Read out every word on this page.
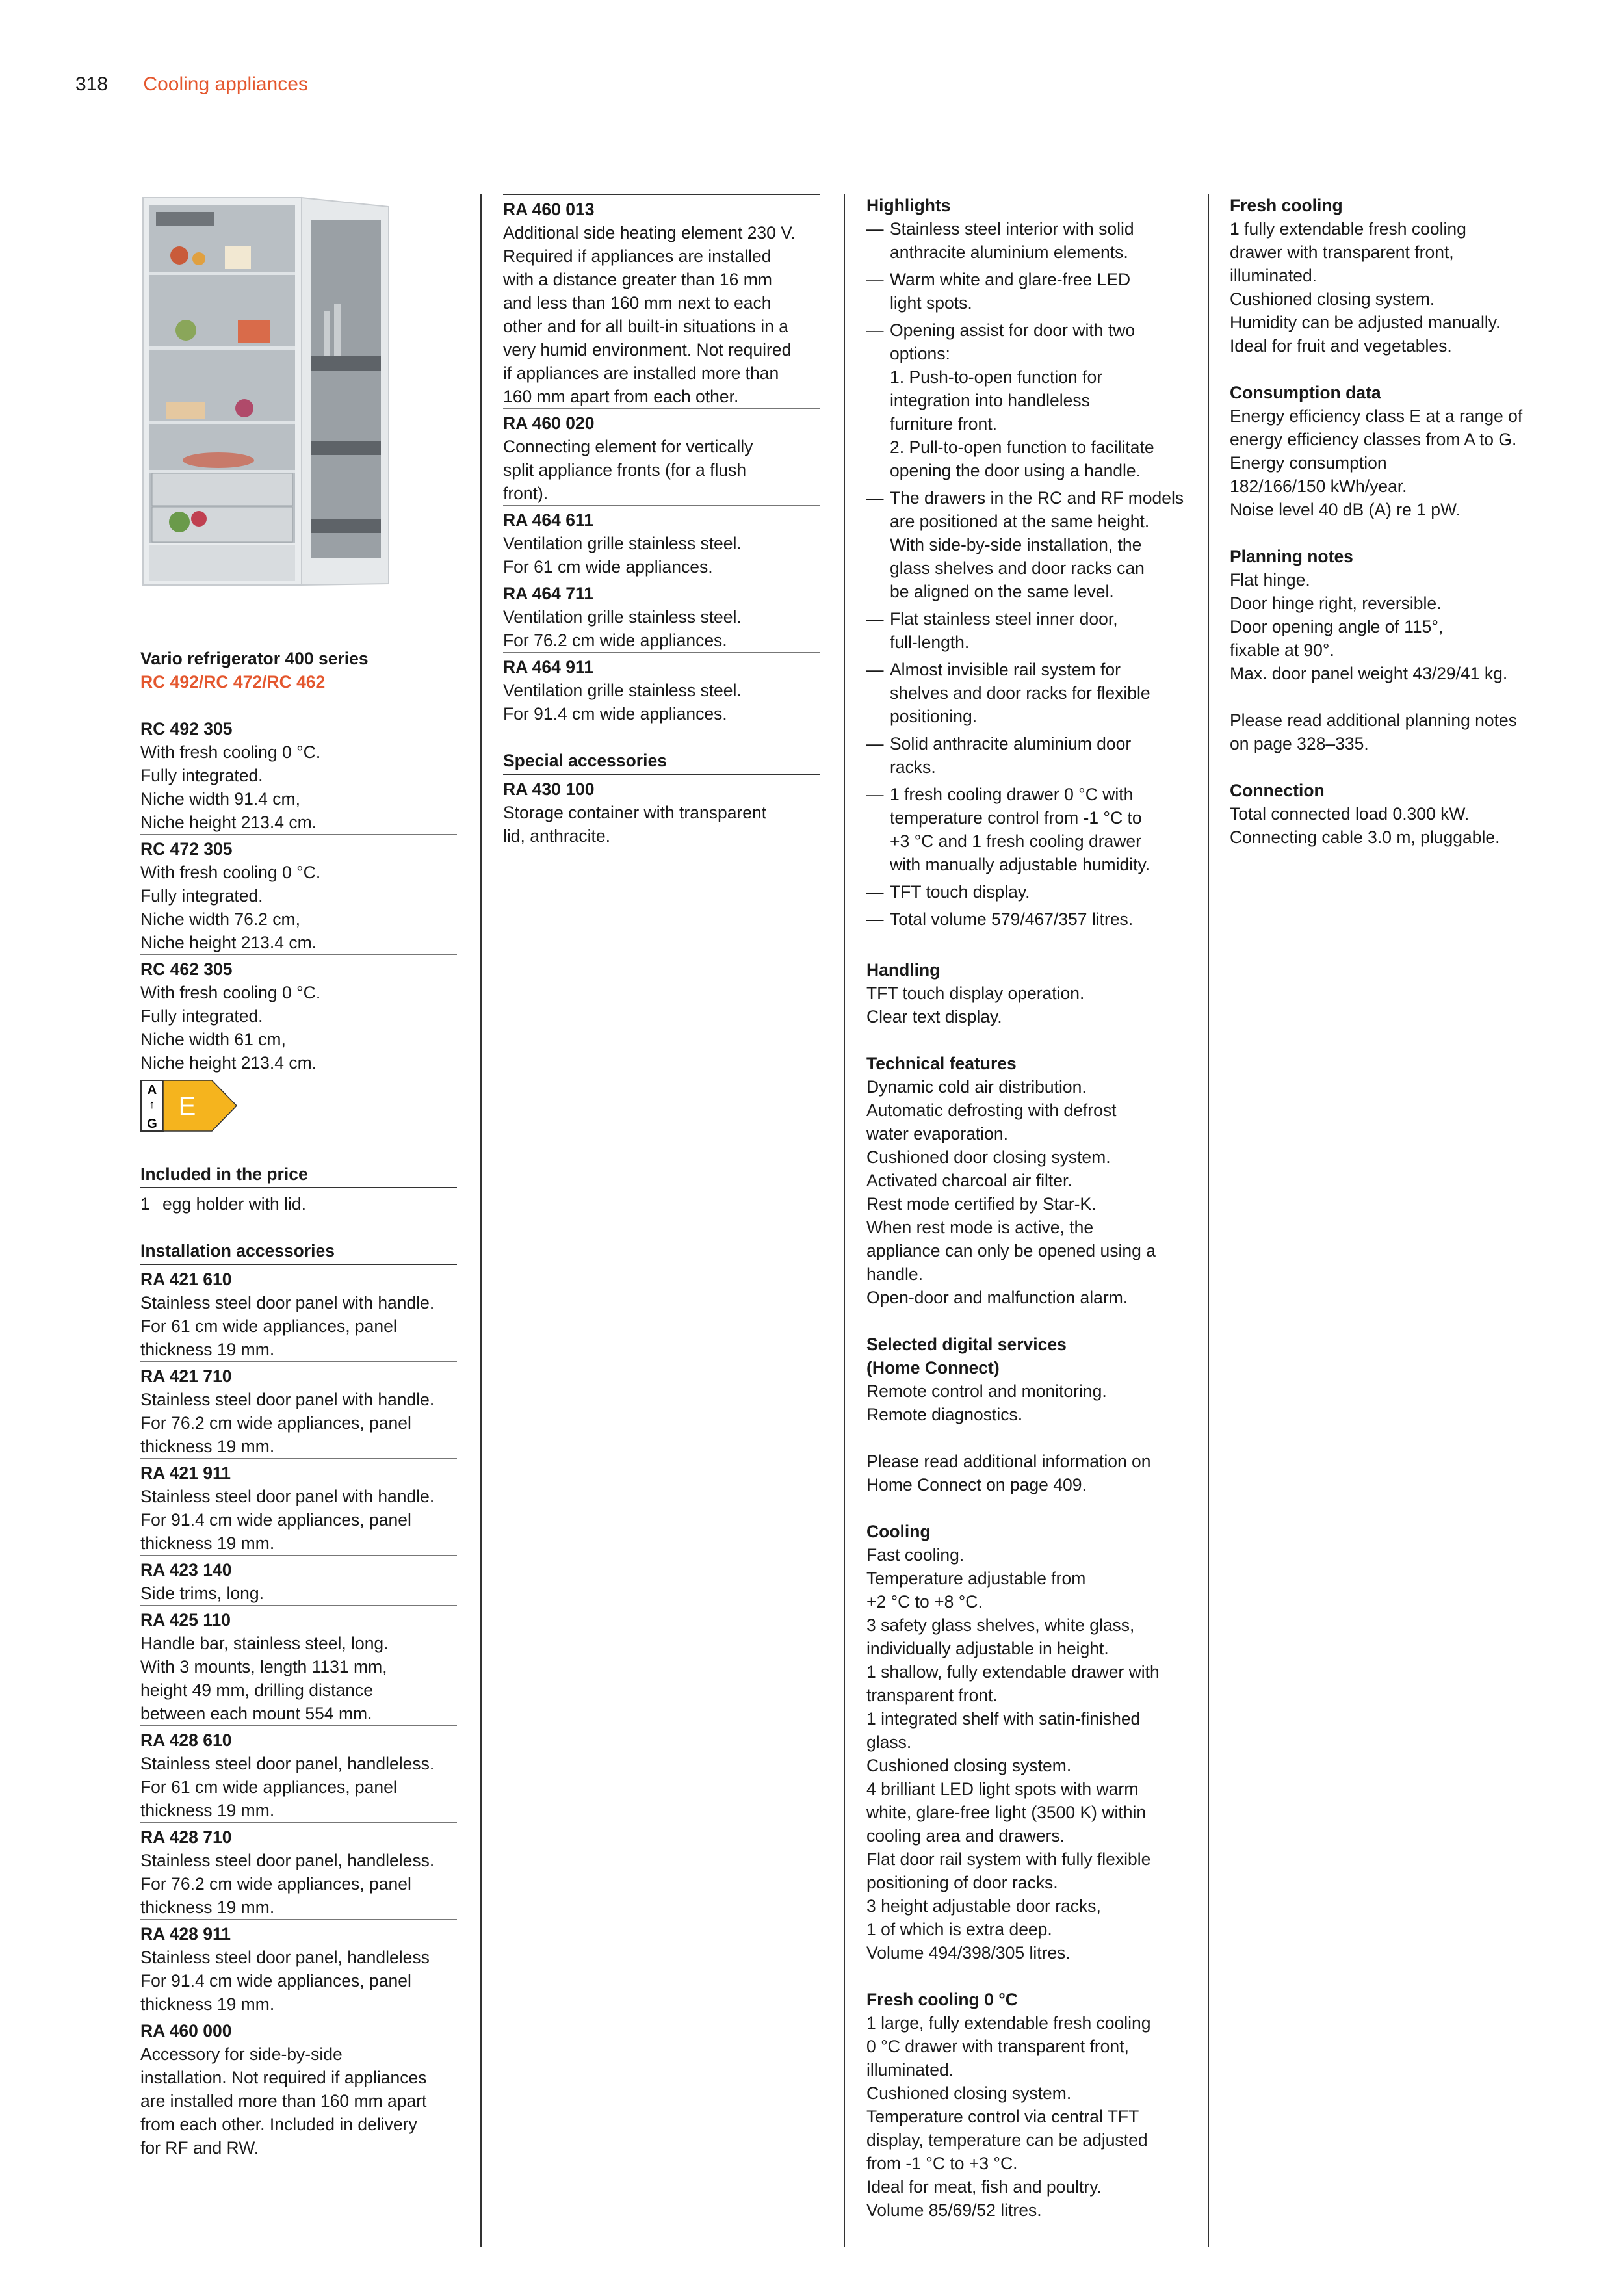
318 Cooling appliances
Vario refrigerator 400 series
RC 492/RC 472/RC 462
RC 492 305
With fresh cooling 0 °C.
Fully integrated.
Niche width 91.4 cm,
Niche height 213.4 cm.
RC 472 305
With fresh cooling 0 °C.
Fully integrated.
Niche width 76.2 cm,
Niche height 213.4 cm.
RC 462 305
With fresh cooling 0 °C.
Fully integrated.
Niche width 61 cm,
Niche height 213.4 cm.
A
↑
G
E
Included in the price
1 egg holder with lid.
Installation accessories
RA 421 610
Stainless steel door panel with handle.
For 61 cm wide appliances, panel
thickness 19 mm.
RA 421 710
Stainless steel door panel with handle.
For 76.2 cm wide appliances, panel
thickness 19 mm.
RA 421 911
Stainless steel door panel with handle.
For 91.4 cm wide appliances, panel
thickness 19 mm.
RA 423 140
Side trims, long.
RA 425 110
Handle bar, stainless steel, long.
With 3 mounts, length 1131 mm,
height 49 mm, drilling distance
between each mount 554 mm.
RA 428 610
Stainless steel door panel, handleless.
For 61 cm wide appliances, panel
thickness 19 mm.
RA 428 710
Stainless steel door panel, handleless.
For 76.2 cm wide appliances, panel
thickness 19 mm.
RA 428 911
Stainless steel door panel, handleless
For 91.4 cm wide appliances, panel
thickness 19 mm.
RA 460 000
Accessory for side-by-side
installation. Not required if appliances
are installed more than 160 mm apart
from each other. Included in delivery
for RF and RW.
RA 460 013
Additional side heating element 230 V.
Required if appliances are installed
with a distance greater than 16 mm
and less than 160 mm next to each
other and for all built-in situations in a
very humid environment. Not required
if appliances are installed more than
160 mm apart from each other.
RA 460 020
Connecting element for vertically
split appliance fronts (for a flush
front).
RA 464 611
Ventilation grille stainless steel.
For 61 cm wide appliances.
RA 464 711
Ventilation grille stainless steel.
For 76.2 cm wide appliances.
RA 464 911
Ventilation grille stainless steel.
For 91.4 cm wide appliances.
Special accessories
RA 430 100
Storage container with transparent
lid, anthracite.
Highlights
— Stainless steel interior with solid
anthracite aluminium elements.
— Warm white and glare-free LED
light spots.
— Opening assist for door with two
options:
1. Push-to-open function for
integration into handleless
furniture front.
2. Pull-to-open function to facilitate
opening the door using a handle.
— The drawers in the RC and RF models
are positioned at the same height.
With side-by-side installation, the
glass shelves and door racks can
be aligned on the same level.
— Flat stainless steel inner door,
full-length.
— Almost invisible rail system for
shelves and door racks for flexible
positioning.
— Solid anthracite aluminium door
racks.
— 1 fresh cooling drawer 0 °C with
temperature control from -1 °C to
+3 °C and 1 fresh cooling drawer
with manually adjustable humidity.
— TFT touch display.
— Total volume 579/467/357 litres.
Handling
TFT touch display operation.
Clear text display.
Technical features
Dynamic cold air distribution.
Automatic defrosting with defrost
water evaporation.
Cushioned door closing system.
Activated charcoal air filter.
Rest mode certified by Star-K.
When rest mode is active, the
appliance can only be opened using a
handle.
Open-door and malfunction alarm.
Selected digital services
(Home Connect)
Remote control and monitoring.
Remote diagnostics.
Please read additional information on
Home Connect on page 409.
Cooling
Fast cooling.
Temperature adjustable from
+2 °C to +8 °C.
3 safety glass shelves, white glass,
individually adjustable in height.
1 shallow, fully extendable drawer with
transparent front.
1 integrated shelf with satin-finished
glass.
Cushioned closing system.
4 brilliant LED light spots with warm
white, glare-free light (3500 K) within
cooling area and drawers.
Flat door rail system with fully flexible
positioning of door racks.
3 height adjustable door racks,
1 of which is extra deep.
Volume 494/398/305 litres.
Fresh cooling 0 °C
1 large, fully extendable fresh cooling
0 °C drawer with transparent front,
illuminated.
Cushioned closing system.
Temperature control via central TFT
display, temperature can be adjusted
from -1 °C to +3 °C.
Ideal for meat, fish and poultry.
Volume 85/69/52 litres.
Fresh cooling
1 fully extendable fresh cooling
drawer with transparent front,
illuminated.
Cushioned closing system.
Humidity can be adjusted manually.
Ideal for fruit and vegetables.
Consumption data
Energy efficiency class E at a range of
energy efficiency classes from A to G.
Energy consumption
182/166/150 kWh/year.
Noise level 40 dB (A) re 1 pW.
Planning notes
Flat hinge.
Door hinge right, reversible.
Door opening angle of 115°,
fixable at 90°.
Max. door panel weight 43/29/41 kg.
Please read additional planning notes
on page 328–335.
Connection
Total connected load 0.300 kW.
Connecting cable 3.0 m, pluggable.
